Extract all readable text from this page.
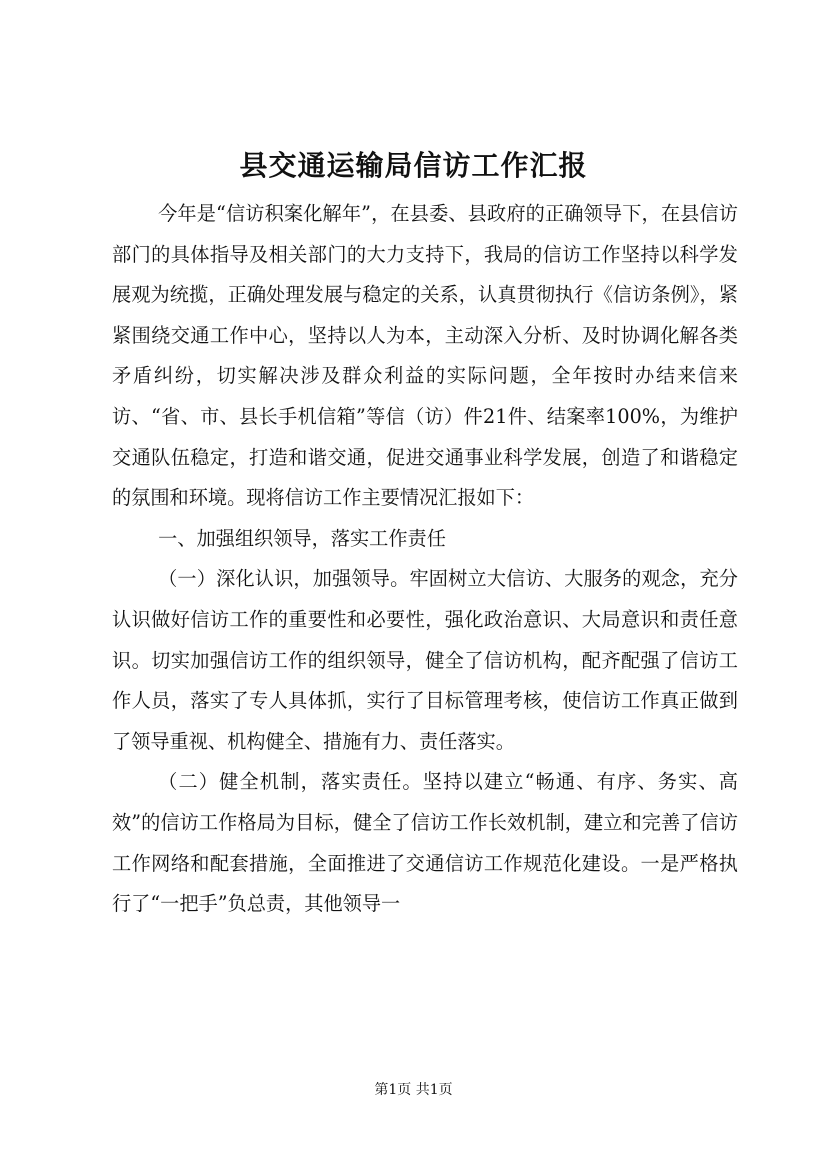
县交通运输局信访工作汇报

今年是“信访积案化解年”，在县委、县政府的正确领导下，在县信访部门的具体指导及相关部门的大力支持下，我局的信访工作坚持以科学发展观为统揽，正确处理发展与稳定的关系，认真贯彻执行《信访条例》，紧紧围绕交通工作中心，坚持以人为本，主动深入分析、及时协调化解各类矛盾纠纷，切实解决涉及群众利益的实际问题，全年按时办结来信来访、“省、市、县长手机信箱”等信（访）件21件、结案率100%，为维护交通队伍稳定，打造和谐交通，促进交通事业科学发展，创造了和谐稳定的氛围和环境。现将信访工作主要情况汇报如下：

一、加强组织领导，落实工作责任

（一）深化认识，加强领导。牢固树立大信访、大服务的观念，充分认识做好信访工作的重要性和必要性，强化政治意识、大局意识和责任意识。切实加强信访工作的组织领导，健全了信访机构，配齐配强了信访工作人员，落实了专人具体抓，实行了目标管理考核，使信访工作真正做到了领导重视、机构健全、措施有力、责任落实。

（二）健全机制，落实责任。坚持以建立“畅通、有序、务实、高效”的信访工作格局为目标，健全了信访工作长效机制，建立和完善了信访工作网络和配套措施，全面推进了交通信访工作规范化建设。一是严格执行了“一把手”负总责，其他领导一

第1页 共1页
